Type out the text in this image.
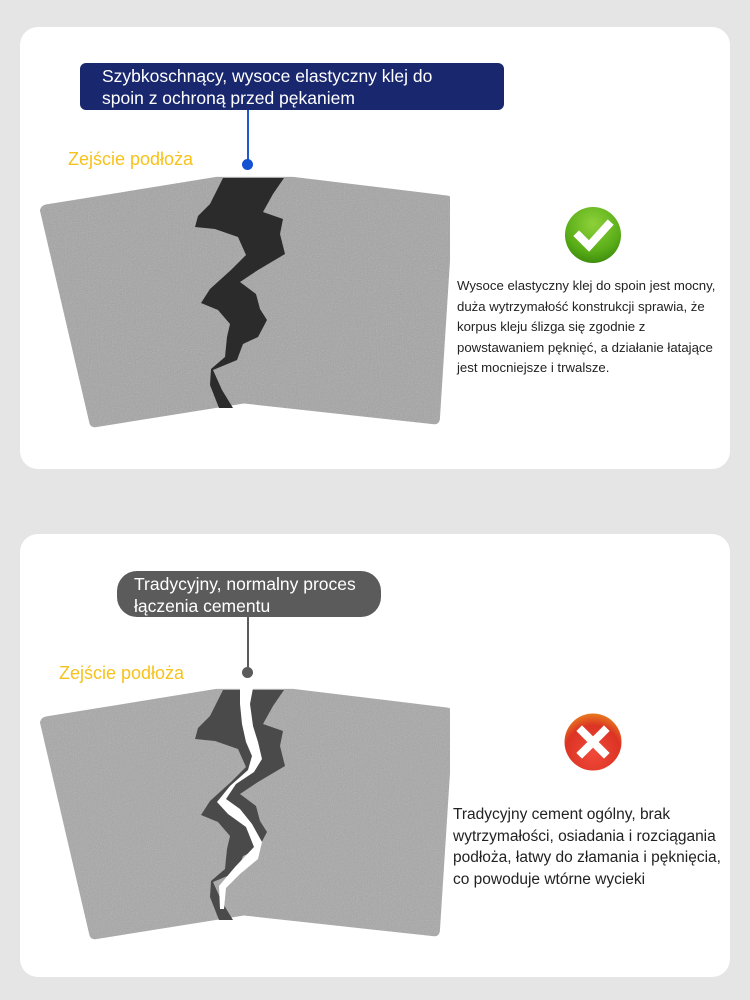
Szybkoschnący, wysoce elastyczny klej do
spoin z ochroną przed pękaniem
Zejście podłoża
Wysoce elastyczny klej do spoin jest mocny,
duża wytrzymałość konstrukcji sprawia, że
korpus kleju ślizga się zgodnie z
powstawaniem pęknięć, a działanie łatające
jest mocniejsze i trwalsze.
Tradycyjny, normalny proces
łączenia cementu
Zejście podłoża
Tradycyjny cement ogólny, brak
wytrzymałości, osiadania i rozciągania
podłoża, łatwy do złamania i pęknięcia,
co powoduje wtórne wycieki
